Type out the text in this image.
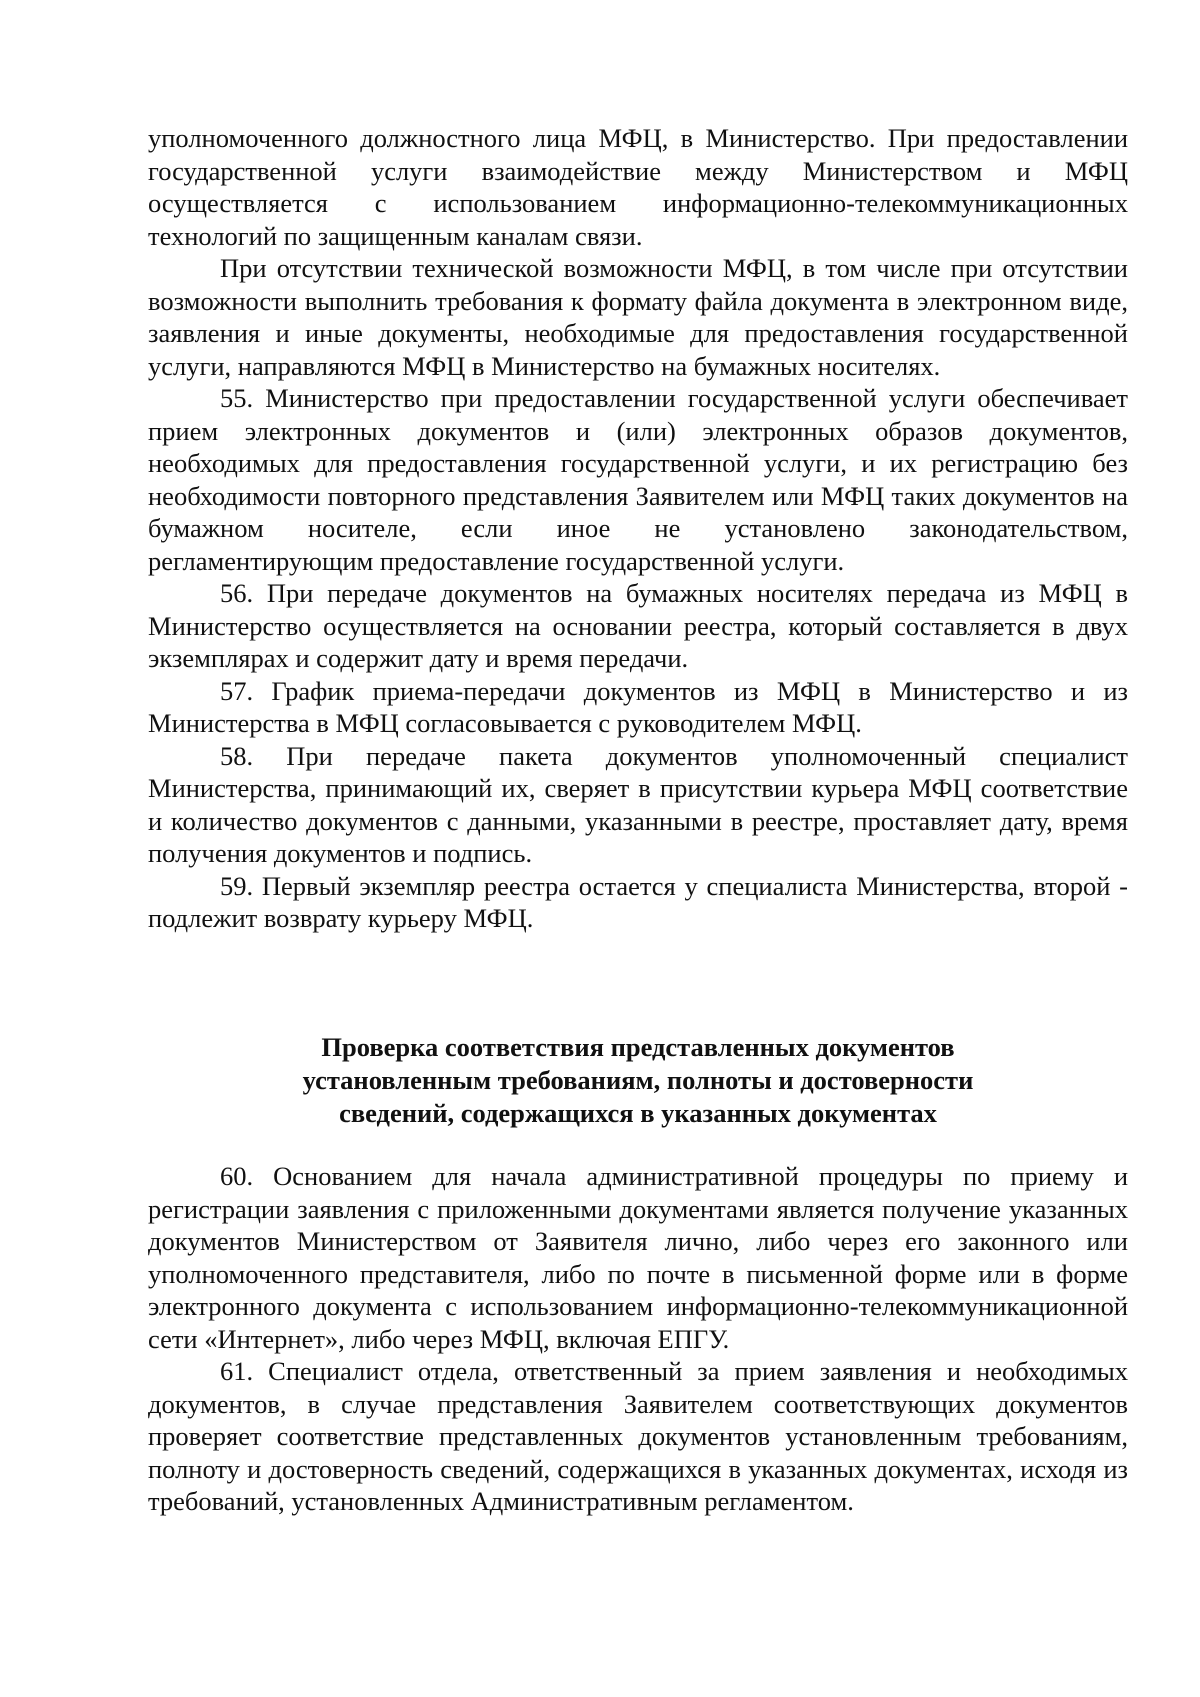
уполномоченного должностного лица МФЦ, в Министерство. При предоставлении государственной услуги взаимодействие между Министерством и МФЦ осуществляется с использованием информационно-телекоммуникационных технологий по защищенным каналам связи.

При отсутствии технической возможности МФЦ, в том числе при отсутствии возможности выполнить требования к формату файла документа в электронном виде, заявления и иные документы, необходимые для предоставления государственной услуги, направляются МФЦ в Министерство на бумажных носителях.

55. Министерство при предоставлении государственной услуги обеспечивает прием электронных документов и (или) электронных образов документов, необходимых для предоставления государственной услуги, и их регистрацию без необходимости повторного представления Заявителем или МФЦ таких документов на бумажном носителе, если иное не установлено законодательством, регламентирующим предоставление государственной услуги.

56. При передаче документов на бумажных носителях передача из МФЦ в Министерство осуществляется на основании реестра, который составляется в двух экземплярах и содержит дату и время передачи.

57. График приема-передачи документов из МФЦ в Министерство и из Министерства в МФЦ согласовывается с руководителем МФЦ.

58. При передаче пакета документов уполномоченный специалист Министерства, принимающий их, сверяет в присутствии курьера МФЦ соответствие и количество документов с данными, указанными в реестре, проставляет дату, время получения документов и подпись.

59. Первый экземпляр реестра остается у специалиста Министерства, второй - подлежит возврату курьеру МФЦ.

Проверка соответствия представленных документов
установленным требованиям, полноты и достоверности
сведений, содержащихся в указанных документах

60. Основанием для начала административной процедуры по приему и регистрации заявления с приложенными документами является получение указанных документов Министерством от Заявителя лично, либо через его законного или уполномоченного представителя, либо по почте в письменной форме или в форме электронного документа с использованием информационно-телекоммуникационной сети «Интернет», либо через МФЦ, включая ЕПГУ.

61. Специалист отдела, ответственный за прием заявления и необходимых документов, в случае представления Заявителем соответствующих документов проверяет соответствие представленных документов установленным требованиям, полноту и достоверность сведений, содержащихся в указанных документах, исходя из требований, установленных Административным регламентом.
